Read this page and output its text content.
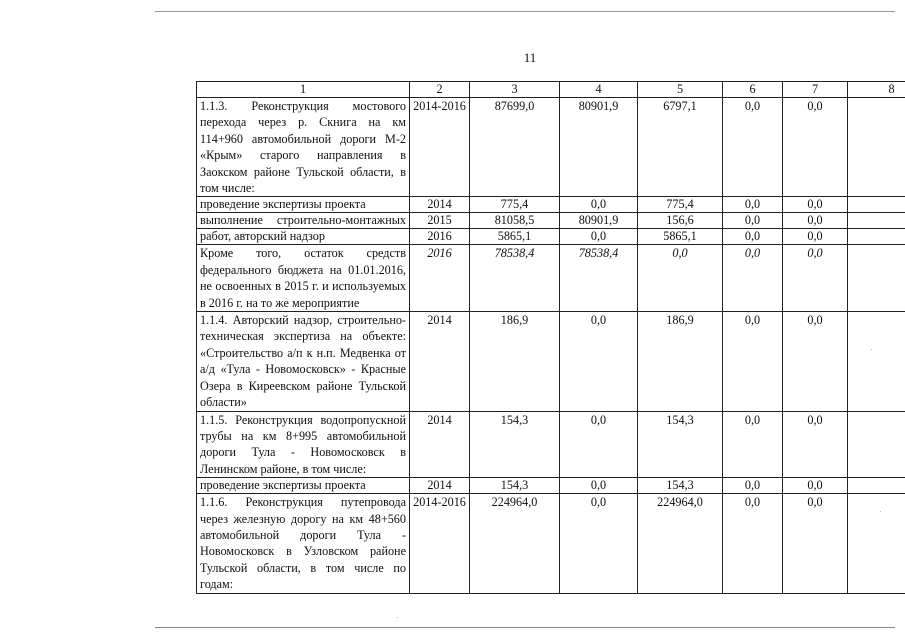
11
1	2	3	4	5	6	7	8
1.1.3. Реконструкция мостового перехода через р. Скнига на км 114+960 автомобильной дороги М-2 «Крым» старого направления в Заокском районе Тульской области, в том числе:	2014-2016	87699,0	80901,9	6797,1	0,0	0,0	
проведение экспертизы проекта	2014	775,4	0,0	775,4	0,0	0,0	
выполнение строительно-монтажных	2015	81058,5	80901,9	156,6	0,0	0,0	
работ, авторский надзор	2016	5865,1	0,0	5865,1	0,0	0,0	
Кроме того, остаток средств федерального бюджета на 01.01.2016, не освоенных в 2015 г. и используемых в 2016 г. на то же мероприятие	2016	78538,4	78538,4	0,0	0,0	0,0	
1.1.4. Авторский надзор, строительно-техническая экспертиза на объекте: «Строительство а/п к н.п. Медвенка от а/д «Тула - Новомосковск» - Красные Озера в Киреевском районе Тульской области»	2014	186,9	0,0	186,9	0,0	0,0	
1.1.5. Реконструкция водопропускной трубы на км 8+995 автомобильной дороги Тула - Новомосковск в Ленинском районе, в том числе:	2014	154,3	0,0	154,3	0,0	0,0	
проведение экспертизы проекта	2014	154,3	0,0	154,3	0,0	0,0	
1.1.6. Реконструкция путепровода через железную дорогу на км 48+560 автомобильной дороги Тула - Новомосковск в Узловском районе Тульской области, в том числе по годам:	2014-2016	224964,0	0,0	224964,0	0,0	0,0	
